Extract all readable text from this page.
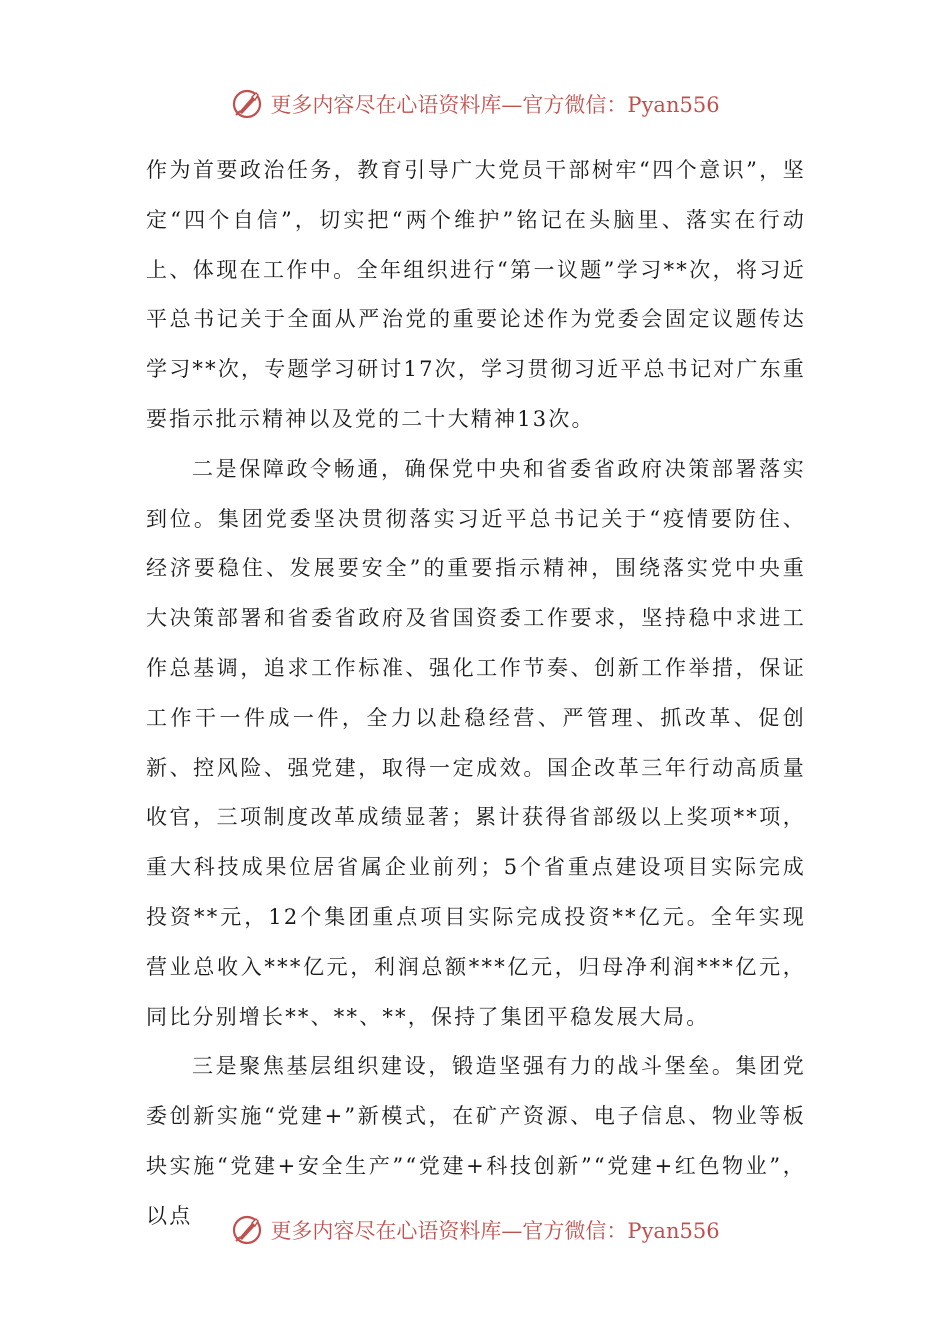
更多内容尽在心语资料库—官方微信：Pyan556

作为首要政治任务，教育引导广大党员干部树牢“四个意识”，坚定“四个自信”，切实把“两个维护”铭记在头脑里、落实在行动上、体现在工作中。全年组织进行“第一议题”学习**次，将习近平总书记关于全面从严治党的重要论述作为党委会固定议题传达学习**次，专题学习研讨17次，学习贯彻习近平总书记对广东重要指示批示精神以及党的二十大精神13次。

二是保障政令畅通，确保党中央和省委省政府决策部署落实到位。集团党委坚决贯彻落实习近平总书记关于“疫情要防住、经济要稳住、发展要安全”的重要指示精神，围绕落实党中央重大决策部署和省委省政府及省国资委工作要求，坚持稳中求进工作总基调，追求工作标准、强化工作节奏、创新工作举措，保证工作干一件成一件，全力以赴稳经营、严管理、抓改革、促创新、控风险、强党建，取得一定成效。国企改革三年行动高质量收官，三项制度改革成绩显著；累计获得省部级以上奖项**项，重大科技成果位居省属企业前列；5个省重点建设项目实际完成投资**元，12个集团重点项目实际完成投资**亿元。全年实现营业总收入***亿元，利润总额***亿元，归母净利润***亿元，同比分别增长**、**、**，保持了集团平稳发展大局。

三是聚焦基层组织建设，锻造坚强有力的战斗堡垒。集团党委创新实施“党建+”新模式，在矿产资源、电子信息、物业等板块实施“党建+安全生产”“党建+科技创新”“党建+红色物业”，以点

更多内容尽在心语资料库—官方微信：Pyan556
